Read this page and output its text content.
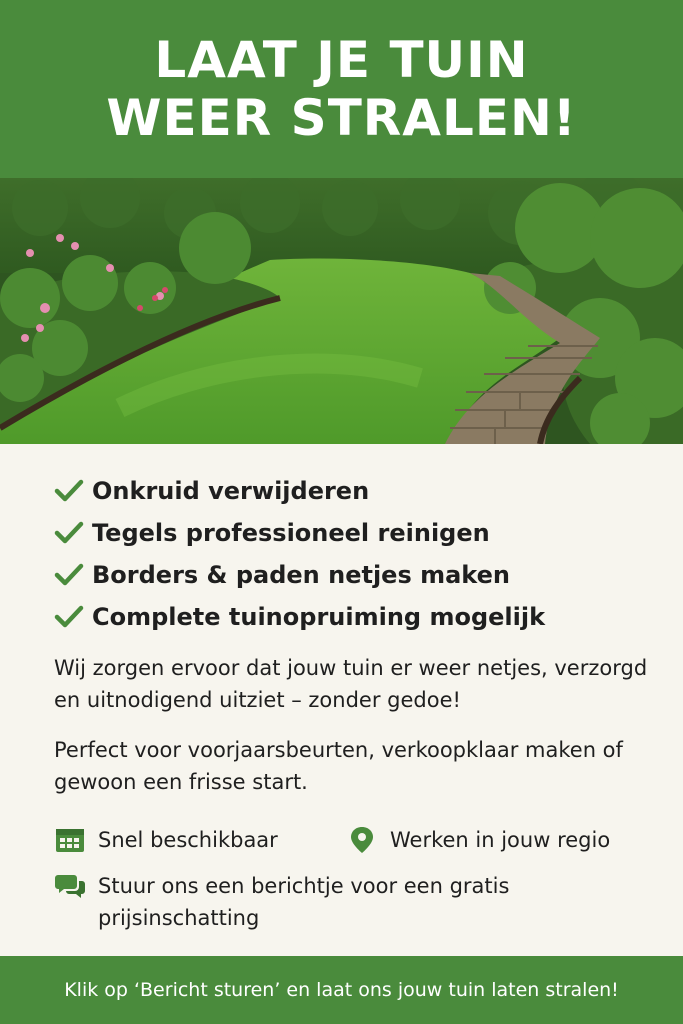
LAAT JE TUIN
WEER STRALEN!
Onkruid verwijderen
Tegels professioneel reinigen
Borders & paden netjes maken
Complete tuinopruiming mogelijk

Wij zorgen ervoor dat jouw tuin er weer netjes, verzorgd en uitnodigend uitziet – zonder gedoe!

Perfect voor voorjaarsbeurten, verkoopklaar maken of gewoon een frisse start.

Snel beschikbaar	Werken in jouw regio
Stuur ons een berichtje voor een gratis prijsinschatting
Klik op ‘Bericht sturen’ en laat ons jouw tuin laten stralen!
